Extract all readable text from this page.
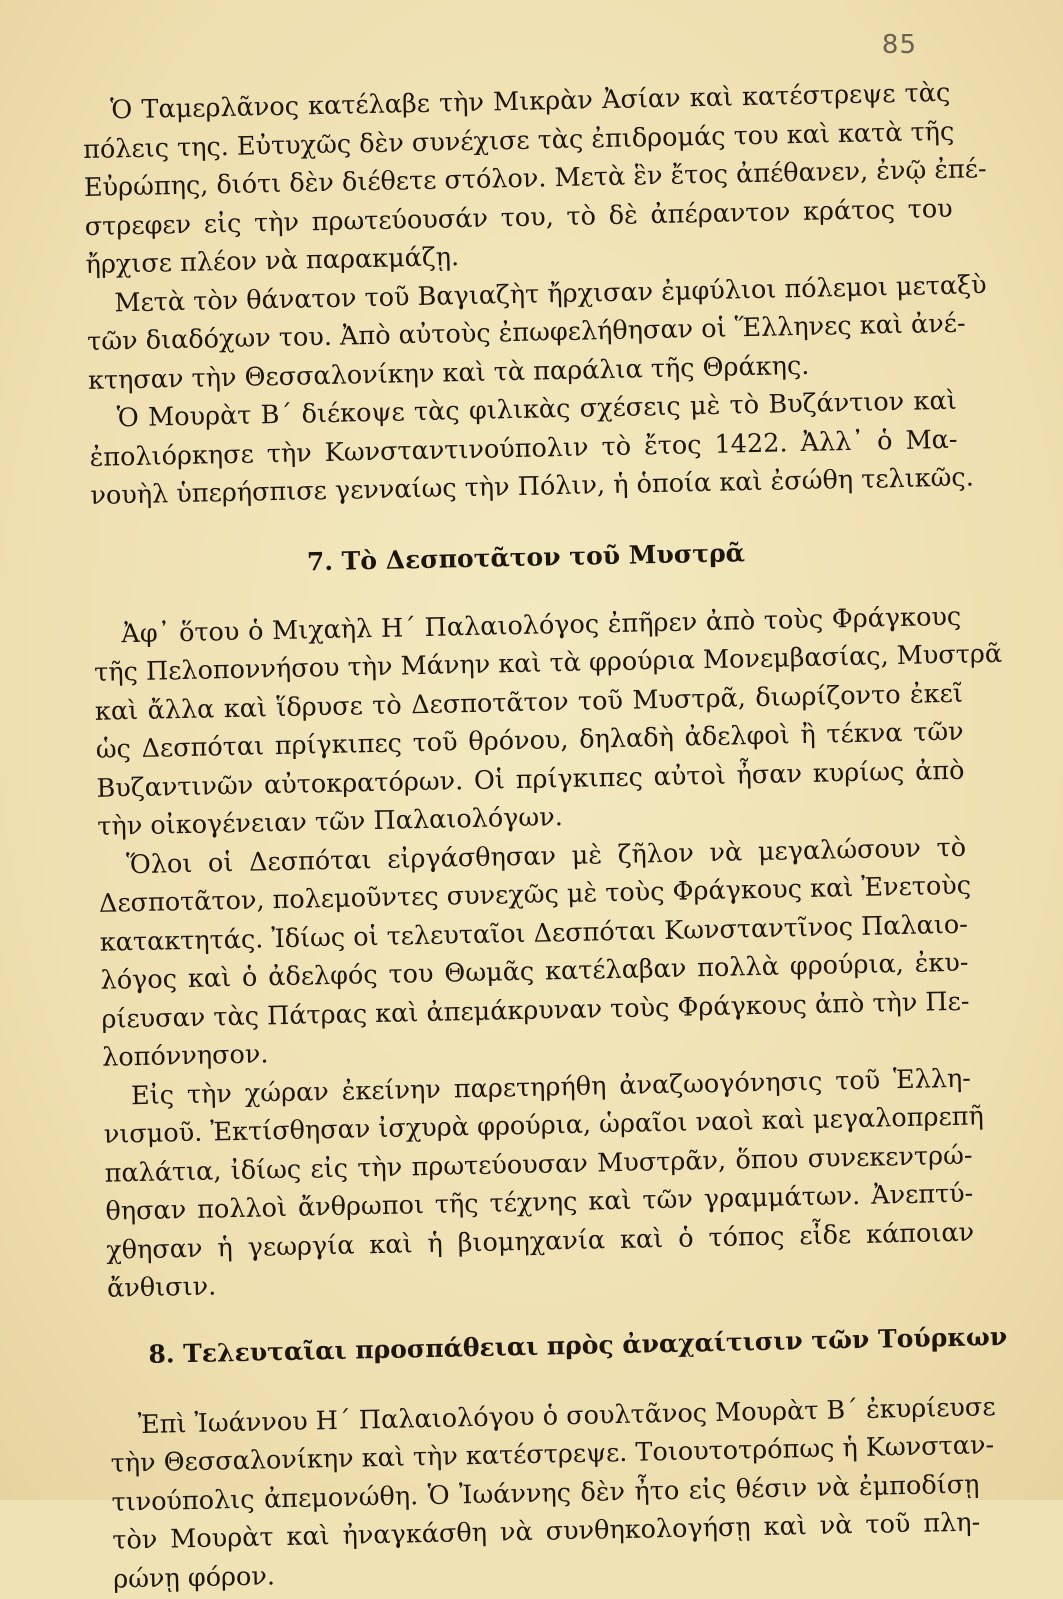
85
Ὁ Ταμερλᾶνος κατέλαβε τὴν Μικρὰν Ἀσίαν καὶ κατέστρεψε τὰς
πόλεις της. Εὐτυχῶς δὲν συνέχισε τὰς ἐπιδρομάς του καὶ κατὰ τῆς
Εὐρώπης, διότι δὲν διέθετε στόλον. Μετὰ ἓν ἔτος ἀπέθανεν, ἐνῷ ἐπέ-
στρεφεν εἰς τὴν πρωτεύουσάν του, τὸ δὲ ἀπέραντον κράτος του
ἤρχισε πλέον νὰ παρακμάζῃ.
Μετὰ τὸν θάνατον τοῦ Βαγιαζὴτ ἤρχισαν ἐμφύλιοι πόλεμοι μεταξὺ
τῶν διαδόχων του. Ἀπὸ αὐτοὺς ἐπωφελήθησαν οἱ Ἕλληνες καὶ ἀνέ-
κτησαν τὴν Θεσσαλονίκην καὶ τὰ παράλια τῆς Θράκης.
Ὁ Μουρὰτ Β΄ διέκοψε τὰς φιλικὰς σχέσεις μὲ τὸ Βυζάντιον καὶ
ἐπολιόρκησε τὴν Κωνσταντινούπολιν τὸ ἔτος 1422. Ἀλλ᾿ ὁ Μα-
νουὴλ ὑπερήσπισε γενναίως τὴν Πόλιν, ἡ ὁποία καὶ ἐσώθη τελικῶς.
7. Τὸ Δεσποτᾶτον τοῦ Μυστρᾶ
Ἀφ᾿ ὅτου ὁ Μιχαὴλ Η΄ Παλαιολόγος ἐπῆρεν ἀπὸ τοὺς Φράγκους
τῆς Πελοποννήσου τὴν Μάνην καὶ τὰ φρούρια Μονεμβασίας, Μυστρᾶ
καὶ ἄλλα καὶ ἵδρυσε τὸ Δεσποτᾶτον τοῦ Μυστρᾶ, διωρίζοντο ἐκεῖ
ὡς Δεσπόται πρίγκιπες τοῦ θρόνου, δηλαδὴ ἀδελφοὶ ἢ τέκνα τῶν
Βυζαντινῶν αὐτοκρατόρων. Οἱ πρίγκιπες αὐτοὶ ἦσαν κυρίως ἀπὸ
τὴν οἰκογένειαν τῶν Παλαιολόγων.
Ὅλοι οἱ Δεσπόται εἰργάσθησαν μὲ ζῆλον νὰ μεγαλώσουν τὸ
Δεσποτᾶτον, πολεμοῦντες συνεχῶς μὲ τοὺς Φράγκους καὶ Ἐνετοὺς
κατακτητάς. Ἰδίως οἱ τελευταῖοι Δεσπόται Κωνσταντῖνος Παλαιο-
λόγος καὶ ὁ ἀδελφός του Θωμᾶς κατέλαβαν πολλὰ φρούρια, ἐκυ-
ρίευσαν τὰς Πάτρας καὶ ἀπεμάκρυναν τοὺς Φράγκους ἀπὸ τὴν Πε-
λοπόννησον.
Εἰς τὴν χώραν ἐκείνην παρετηρήθη ἀναζωογόνησις τοῦ Ἑλλη-
νισμοῦ. Ἐκτίσθησαν ἰσχυρὰ φρούρια, ὡραῖοι ναοὶ καὶ μεγαλοπρεπῆ
παλάτια, ἰδίως εἰς τὴν πρωτεύουσαν Μυστρᾶν, ὅπου συνεκεντρώ-
θησαν πολλοὶ ἄνθρωποι τῆς τέχνης καὶ τῶν γραμμάτων. Ἀνεπτύ-
χθησαν ἡ γεωργία καὶ ἡ βιομηχανία καὶ ὁ τόπος εἶδε κάποιαν
ἄνθισιν.
8. Τελευταῖαι προσπάθειαι πρὸς ἀναχαίτισιν τῶν Τούρκων
Ἐπὶ Ἰωάννου Η΄ Παλαιολόγου ὁ σουλτᾶνος Μουρὰτ Β΄ ἐκυρίευσε
τὴν Θεσσαλονίκην καὶ τὴν κατέστρεψε. Τοιουτοτρόπως ἡ Κωνσταν-
τινούπολις ἀπεμονώθη. Ὁ Ἰωάννης δὲν ἦτο εἰς θέσιν νὰ ἐμποδίσῃ
τὸν Μουρὰτ καὶ ἠναγκάσθη νὰ συνθηκολογήσῃ καὶ νὰ τοῦ πλη-
ρώνῃ φόρον.
